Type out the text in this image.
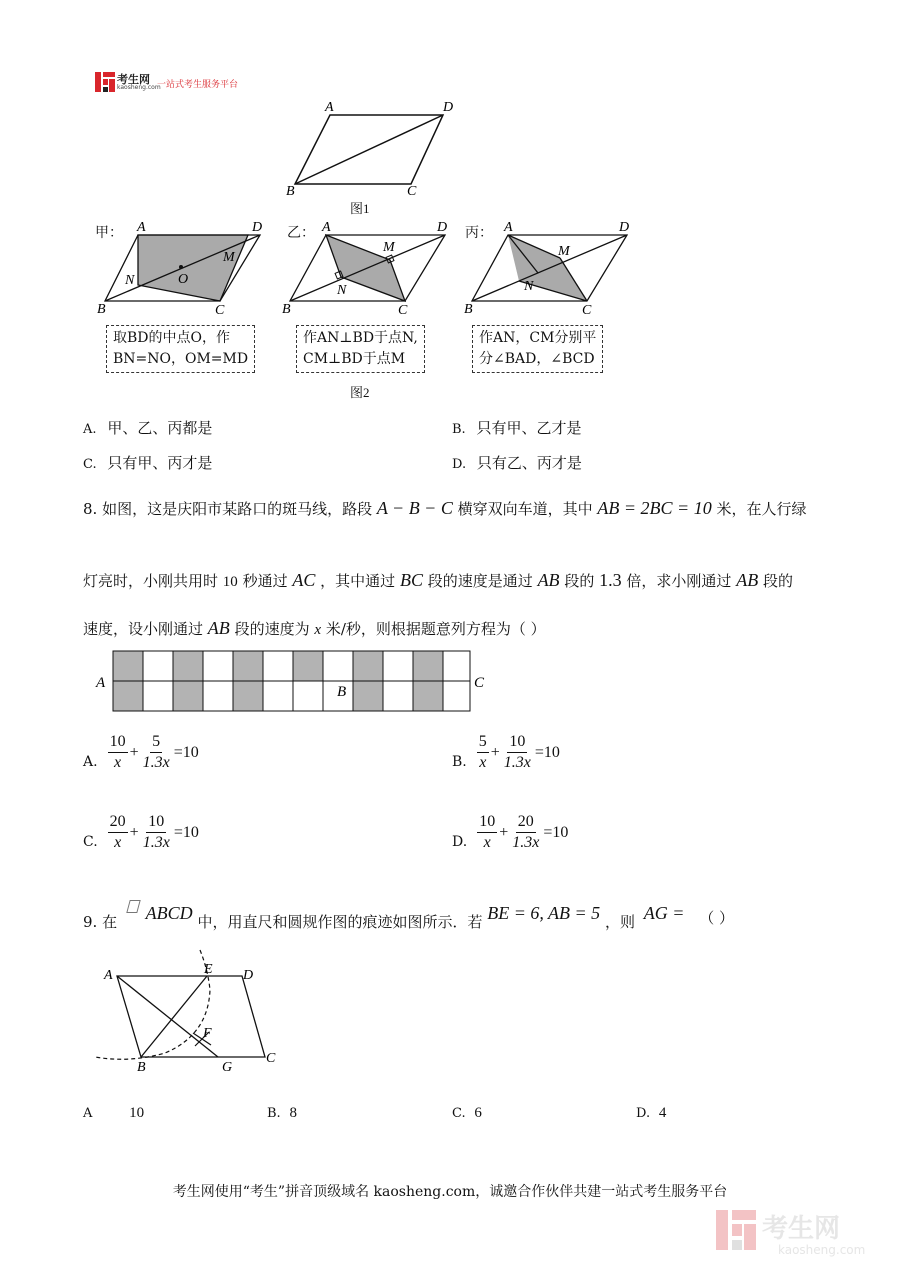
考生网
kaosheng.com
一站式考生服务平台
A	D
B	C
图1
甲： A	D
B	C
N
M
O
取BD的中点O，作
BN=NO，OM=MD
乙： A	D
B	C
N
M
作AN⊥BD于点N,
CM⊥BD于点M
丙： A	D
B	C
N
M
作AN，CM分别平
分∠BAD，∠BCD
图2
A. 甲、乙、丙都是	B. 只有甲、乙才是
C. 只有甲、丙才是	D. 只有乙、丙才是
8. 如图，这是庆阳市某路口的斑马线，路段 A − B − C 横穿双向车道，其中 AB = 2BC = 10 米，在人行绿
灯亮时，小刚共用时 10 秒通过 AC ，其中通过 BC 段的速度是通过 AB 段的 1.3 倍，求小刚通过 AB 段的
速度，设小刚通过 AB 段的速度为 x 米/秒，则根据题意列方程为（ ）
A
B
C
A. $\frac{10}{x} + \frac{5}{1.3x} =10$
B. $\frac{5}{x} + \frac{10}{1.3x} =10$
C. $\frac{20}{x} + \frac{10}{1.3x} =10$
D. $\frac{10}{x} + \frac{20}{1.3x} =10$
9. 在 ABCD 中，用直尺和圆规作图的痕迹如图所示．若 BE = 6, AB = 5 ，则 AG = （ ）
A	E D
F
B	G
C
A 10	B. 8	C. 6	D. 4
考生网使用“考生”拼音顶级域名 kaosheng.com，诚邀合作伙伴共建一站式考生服务平台
考生网
kaosheng.com
